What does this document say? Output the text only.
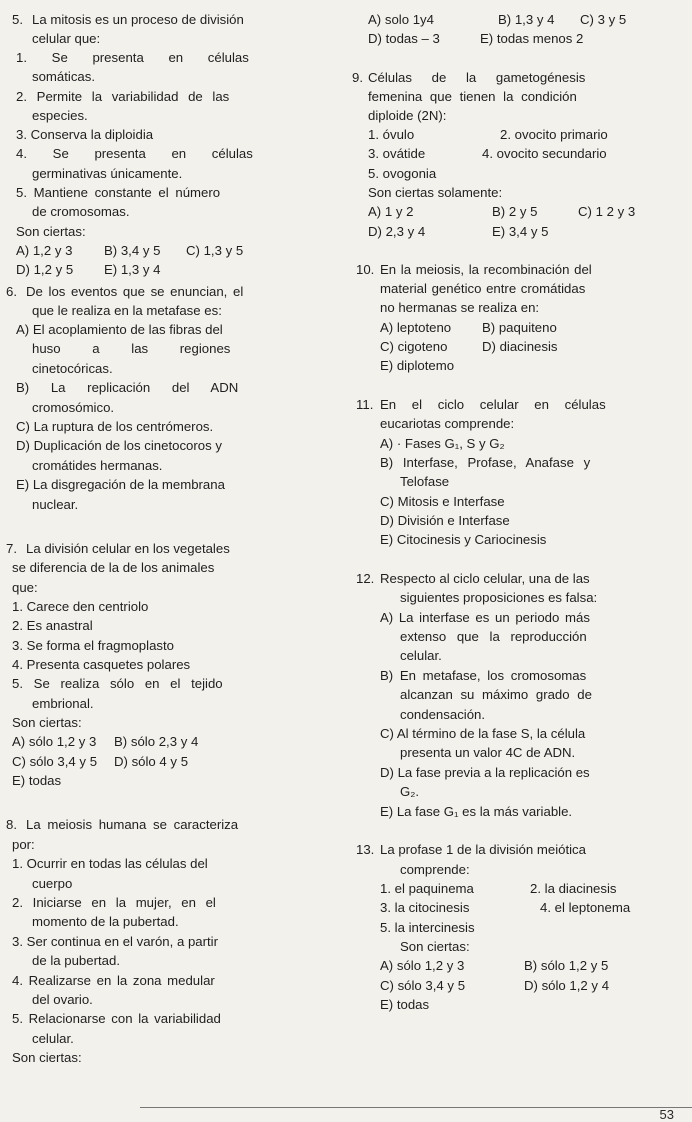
5. La mitosis es un proceso de división
celular que:
1. Se presenta en células
somáticas.
2. Permite la variabilidad de las
especies.
3. Conserva la diploidia
4. Se presenta en células
germinativas únicamente.
5. Mantiene constante el número
de cromosomas.
Son ciertas:
A) 1,2 y 3 B) 3,4 y 5 C) 1,3 y 5
D) 1,2 y 5 E) 1,3 y 4
6. De los eventos que se enuncian, el
que le realiza en la metafase es:
A) El acoplamiento de las fibras del
huso a las regiones
cinetocóricas.
B) La replicación del ADN
cromosómico.
C) La ruptura de los centrómeros.
D) Duplicación de los cinetocoros y
cromátides hermanas.
E) La disgregación de la membrana
nuclear.
7. La división celular en los vegetales
se diferencia de la de los animales
que:
1. Carece den centriolo
2. Es anastral
3. Se forma el fragmoplasto
4. Presenta casquetes polares
5. Se realiza sólo en el tejido
embrional.
Son ciertas:
A) sólo 1,2 y 3 B) sólo 2,3 y 4
C) sólo 3,4 y 5 D) sólo 4 y 5
E) todas
8. La meiosis humana se caracteriza
por:
1. Ocurrir en todas las células del
cuerpo
2. Iniciarse en la mujer, en el
momento de la pubertad.
3. Ser continua en el varón, a partir
de la pubertad.
4. Realizarse en la zona medular
del ovario.
5. Relacionarse con la variabilidad
celular.
Son ciertas:
A) solo 1y4	B) 1,3 y 4 C) 3 y 5
D) todas – 3	E) todas menos 2
9. Células de la gametogénesis
femenina que tienen la condición
diploide (2N):
1. óvulo	2. ovocito primario
3. ovátide	4. ovocito secundario
5. ovogonia
Son ciertas solamente:
A) 1 y 2	B) 2 y 5	C) 1 2 y 3
D) 2,3 y 4	E) 3,4 y 5
10. En la meiosis, la recombinación del
material genético entre cromátidas
no hermanas se realiza en:
A) leptoteno B) paquiteno
C) cigoteno	D) diacinesis
E) diplotemo
11. En el ciclo celular en células
eucariotas comprende:
A) · Fases G₁, S y G₂
B) Interfase, Profase, Anafase y
Telofase
C) Mitosis e Interfase
D) División e Interfase
E) Citocinesis y Cariocinesis
12. Respecto al ciclo celular, una de las
siguientes proposiciones es falsa:
A) La interfase es un periodo más
extenso que la reproducción
celular.
B) En metafase, los cromosomas
alcanzan su máximo grado de
condensación.
C) Al término de la fase S, la célula
presenta un valor 4C de ADN.
D) La fase previa a la replicación es
G₂.
E) La fase G₁ es la más variable.
13. La profase 1 de la división meiótica
comprende:
1. el paquinema	2. la diacinesis
3. la citocinesis	4. el leptonema
5. la intercinesis
Son ciertas:
A) sólo 1,2 y 3	B) sólo 1,2 y 5
C) sólo 3,4 y 5	D) sólo 1,2 y 4
E) todas
53
